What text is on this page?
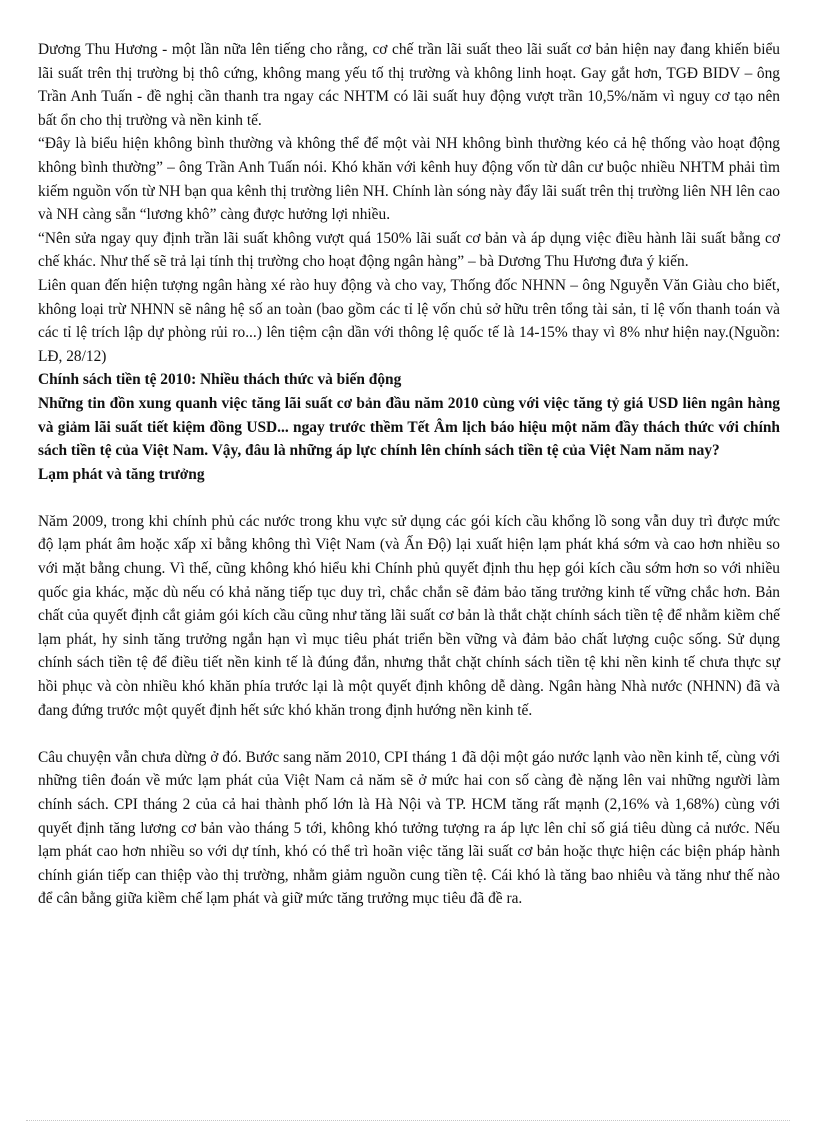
Dương Thu Hương - một lần nữa lên tiếng cho rằng, cơ chế trần lãi suất theo lãi suất cơ bản hiện nay đang khiến biểu lãi suất trên thị trường bị thô cứng, không mang yếu tố thị trường và không linh hoạt. Gay gắt hơn, TGĐ BIDV – ông Trần Anh Tuấn - đề nghị cần thanh tra ngay các NHTM có lãi suất huy động vượt trần 10,5%/năm vì nguy cơ tạo nên bất ổn cho thị trường và nền kinh tế.

“Đây là biểu hiện không bình thường và không thể để một vài NH không bình thường kéo cả hệ thống vào hoạt động không bình thường” – ông Trần Anh Tuấn nói. Khó khăn với kênh huy động vốn từ dân cư buộc nhiều NHTM phải tìm kiếm nguồn vốn từ NH bạn qua kênh thị trường liên NH. Chính làn sóng này đẩy lãi suất trên thị trường liên NH lên cao và NH càng sẵn “lương khô” càng được hưởng lợi nhiều.

“Nên sửa ngay quy định trần lãi suất không vượt quá 150% lãi suất cơ bản và áp dụng việc điều hành lãi suất bằng cơ chế khác. Như thế sẽ trả lại tính thị trường cho hoạt động ngân hàng” – bà Dương Thu Hương đưa ý kiến.

Liên quan đến hiện tượng ngân hàng xé rào huy động và cho vay, Thống đốc NHNN – ông Nguyễn Văn Giàu cho biết, không loại trừ NHNN sẽ nâng hệ số an toàn (bao gồm các tỉ lệ vốn chủ sở hữu trên tổng tài sản, tỉ lệ vốn thanh toán và các tỉ lệ trích lập dự phòng rủi ro...) lên tiệm cận dần với thông lệ quốc tế là 14-15% thay vì 8% như hiện nay.(Nguồn: LĐ, 28/12)

Chính sách tiền tệ 2010: Nhiều thách thức và biến động

Những tin đồn xung quanh việc tăng lãi suất cơ bản đầu năm 2010 cùng với việc tăng tỷ giá USD liên ngân hàng và giảm lãi suất tiết kiệm đồng USD... ngay trước thềm Tết Âm lịch báo hiệu một năm đầy thách thức với chính sách tiền tệ của Việt Nam. Vậy, đâu là những áp lực chính lên chính sách tiền tệ của Việt Nam năm nay?

Lạm phát và tăng trưởng

Năm 2009, trong khi chính phủ các nước trong khu vực sử dụng các gói kích cầu khổng lồ song vẫn duy trì được mức độ lạm phát âm hoặc xấp xỉ bằng không thì Việt Nam (và Ấn Độ) lại xuất hiện lạm phát khá sớm và cao hơn nhiều so với mặt bằng chung. Vì thế, cũng không khó hiểu khi Chính phủ quyết định thu hẹp gói kích cầu sớm hơn so với nhiều quốc gia khác, mặc dù nếu có khả năng tiếp tục duy trì, chắc chắn sẽ đảm bảo tăng trưởng kinh tế vững chắc hơn. Bản chất của quyết định cắt giảm gói kích cầu cũng như tăng lãi suất cơ bản là thắt chặt chính sách tiền tệ để nhằm kiềm chế lạm phát, hy sinh tăng trưởng ngắn hạn vì mục tiêu phát triển bền vững và đảm bảo chất lượng cuộc sống. Sử dụng chính sách tiền tệ để điều tiết nền kinh tế là đúng đắn, nhưng thắt chặt chính sách tiền tệ khi nền kinh tế chưa thực sự hồi phục và còn nhiều khó khăn phía trước lại là một quyết định không dễ dàng. Ngân hàng Nhà nước (NHNN) đã và đang đứng trước một quyết định hết sức khó khăn trong định hướng nền kinh tế.

Câu chuyện vẫn chưa dừng ở đó. Bước sang năm 2010, CPI tháng 1 đã dội một gáo nước lạnh vào nền kinh tế, cùng với những tiên đoán về mức lạm phát của Việt Nam cả năm sẽ ở mức hai con số càng đè nặng lên vai những người làm chính sách. CPI tháng 2 của cả hai thành phố lớn là Hà Nội và TP. HCM tăng rất mạnh (2,16% và 1,68%) cùng với quyết định tăng lương cơ bản vào tháng 5 tới, không khó tưởng tượng ra áp lực lên chỉ số giá tiêu dùng cả nước. Nếu lạm phát cao hơn nhiều so với dự tính, khó có thể trì hoãn việc tăng lãi suất cơ bản hoặc thực hiện các biện pháp hành chính gián tiếp can thiệp vào thị trường, nhằm giảm nguồn cung tiền tệ. Cái khó là tăng bao nhiêu và tăng như thế nào để cân bằng giữa kiềm chế lạm phát và giữ mức tăng trưởng mục tiêu đã đề ra.
